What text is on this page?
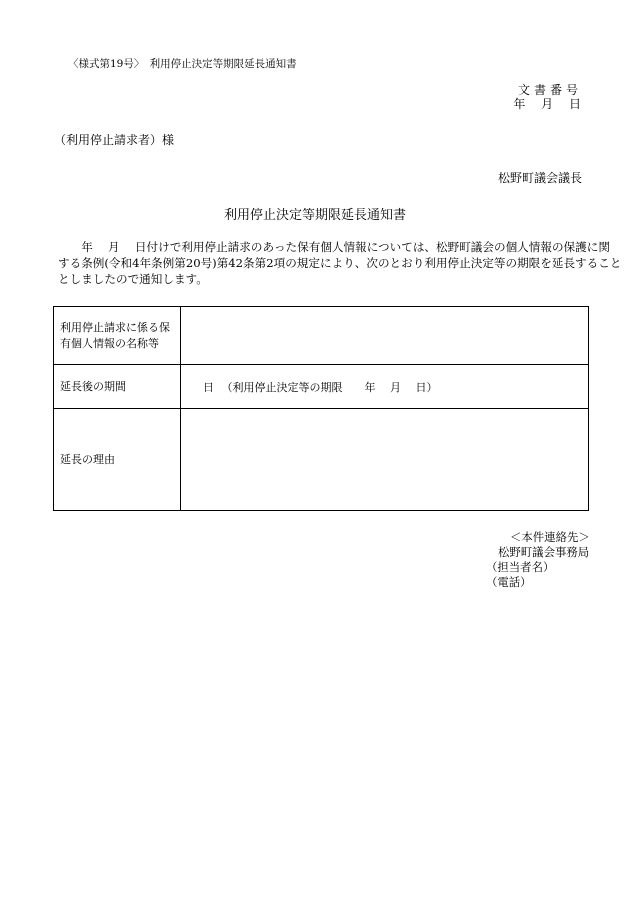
〈様式第19号〉　利用停止決定等期限延長通知書
文書番号
年 月 日
（利用停止請求者）様
松野町議会議長
利用停止決定等期限延長通知書
　　年　 月　 日付けで利用停止請求のあった保有個人情報については、松野町議会の個人情報の保護に関
する条例(令和4年条例第20号)第42条第2項の規定により、次のとおり利用停止決定等の期限を延長すること
としましたので通知します。
利用停止請求に係る保有個人情報の名称等	
延長後の期間	日 （利用停止決定等の期限　　年　 月　 日）
延長の理由	
＜本件連絡先＞
松野町議会事務局
（担当者名）
（電話）
